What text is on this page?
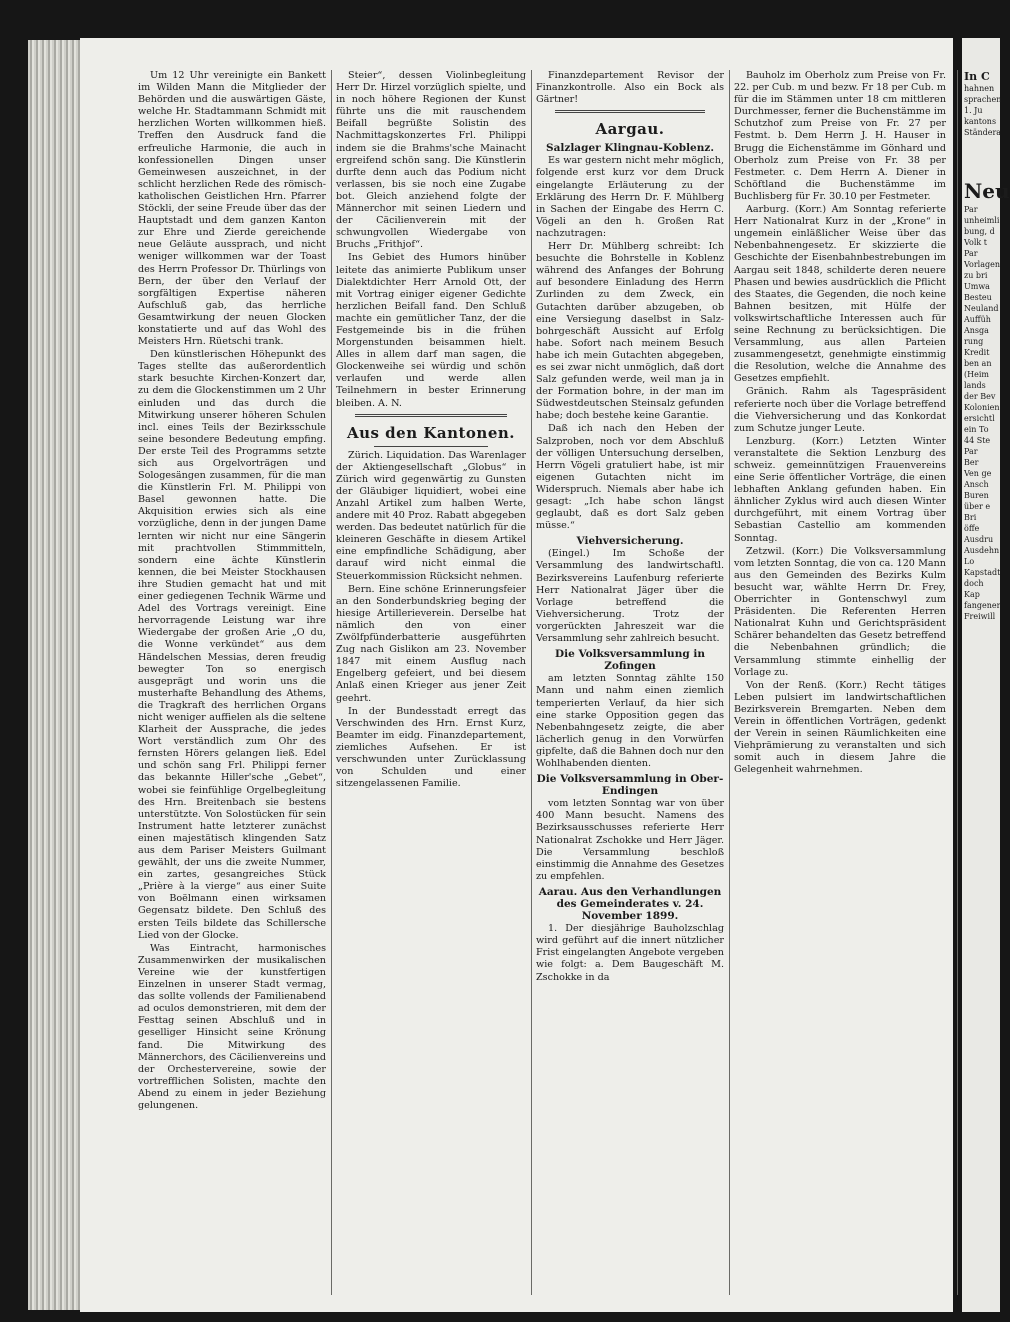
Um 12 Uhr vereinigte ein Bankett im Wilden Mann die Mitglieder der Behörden und die auswärtigen Gäste, welche Hr. Stadtammann Schmidt mit herzlichen Worten willkommen hieß. Treffen den Ausdruck fand die erfreuliche Harmonie, die auch in konfessionellen Dingen unser Gemeinwesen auszeichnet, in der schlicht herzlichen Rede des römisch-katholischen Geistlichen Hrn. Pfarrer Stöckli, der seine Freude über das der Hauptstadt und dem ganzen Kanton zur Ehre und Zierde gereichende neue Geläute aussprach, und nicht weniger willkommen war der Toast des Herrn Professor Dr. Thürlings von Bern, der über den Verlauf der sorgfältigen Expertise näheren Aufschluß gab, das herrliche Gesamtwirkung der neuen Glocken konstatierte und auf das Wohl des Meisters Hrn. Rüetschi trank.

Den künstlerischen Höhepunkt des Tages stellte das außerordentlich stark besuchte Kirchen-Konzert dar, zu dem die Glockenstimmen um 2 Uhr einluden und das durch die Mitwirkung unserer höheren Schulen incl. eines Teils der Bezirksschule seine besondere Bedeutung empfing. Der erste Teil des Programms setzte sich aus Orgelvorträgen und Sologesängen zusammen, für die man die Künstlerin Frl. M. Philippi von Basel gewonnen hatte. Die Akquisition erwies sich als eine vorzügliche, denn in der jungen Dame lernten wir nicht nur eine Sängerin mit prachtvollen Stimmmitteln, sondern eine ächte Künstlerin kennen, die bei Meister Stockhausen ihre Studien gemacht hat und mit einer gediegenen Technik Wärme und Adel des Vortrags vereinigt. Eine hervorragende Leistung war ihre Wiedergabe der großen Arie „O du, die Wonne verkündet“ aus dem Händelschen Messias, deren freudig bewegter Ton so energisch ausgeprägt und worin uns die musterhafte Behandlung des Athems, die Tragkraft des herrlichen Organs nicht weniger auffielen als die seltene Klarheit der Aussprache, die jedes Wort verständlich zum Ohr des fernsten Hörers gelangen ließ. Edel und schön sang Frl. Philippi ferner das bekannte Hiller'sche „Gebet“, wobei sie feinfühlige Orgelbegleitung des Hrn. Breitenbach sie bestens unterstützte. Von Solostücken für sein Instrument hatte letzterer zunächst einen majestätisch klingenden Satz aus dem Pariser Meisters Guilmant gewählt, der uns die zweite Nummer, ein zartes, gesangreiches Stück „Prière à la vierge“ aus einer Suite von Boëlmann einen wirksamen Gegensatz bildete. Den Schluß des ersten Teils bildete das Schillersche Lied von der Glocke.

Was Eintracht, harmonisches Zusammenwirken der musikalischen Vereine wie der kunstfertigen Einzelnen in unserer Stadt vermag, das sollte vollends der Familienabend ad oculos demonstrieren, mit dem der Festtag seinen Abschluß und in geselliger Hinsicht seine Krönung fand. Die Mitwirkung des Männerchors, des Cäcilienvereins und der Orchestervereine, sowie der vortrefflichen Solisten, machte den Abend zu einem in jeder Beziehung gelungenen.

Steier“, dessen Violinbegleitung Herr Dr. Hirzel vorzüglich spielte, und in noch höhere Regionen der Kunst führte uns die mit rauschendem Beifall begrüßte Solistin des Nachmittagskonzertes Frl. Philippi indem sie die Brahms'sche Mainacht ergreifend schön sang. Die Künstlerin durfte denn auch das Podium nicht verlassen, bis sie noch eine Zugabe bot. Gleich anziehend folgte der Männerchor mit seinen Liedern und der Cäcilienverein mit der schwungvollen Wiedergabe von Bruchs „Frithjof“.

Ins Gebiet des Humors hinüber leitete das animierte Publikum unser Dialektdichter Herr Arnold Ott, der mit Vortrag einiger eigener Gedichte herzlichen Beifall fand. Den Schluß machte ein gemütlicher Tanz, der die Festgemeinde bis in die frühen Morgenstunden beisammen hielt. Alles in allem darf man sagen, die Glockenweihe sei würdig und schön verlaufen und werde allen Teilnehmern in bester Erinnerung bleiben. A. N.

Aus den Kantonen.

Zürich. Liquidation. Das Warenlager der Aktiengesellschaft „Globus“ in Zürich wird gegenwärtig zu Gunsten der Gläubiger liquidiert, wobei eine Anzahl Artikel zum halben Werte, andere mit 40 Proz. Rabatt abgegeben werden. Das bedeutet natürlich für die kleineren Geschäfte in diesem Artikel eine empfindliche Schädigung, aber darauf wird nicht einmal die Steuerkommission Rücksicht nehmen.

Bern. Eine schöne Erinnerungsfeier an den Sonderbundskrieg beging der hiesige Artillerieverein. Derselbe hat nämlich den von einer Zwölfpfünderbatterie ausgeführten Zug nach Gislikon am 23. November 1847 mit einem Ausflug nach Engelberg gefeiert, und bei diesem Anlaß einen Krieger aus jener Zeit geehrt.

In der Bundesstadt erregt das Verschwinden des Hrn. Ernst Kurz, Beamter im eidg. Finanzdepartement, ziemliches Aufsehen. Er ist verschwunden unter Zurücklassung von Schulden und einer sitzengelassenen Familie.

Finanzdepartement Revisor der Finanzkontrolle. Also ein Bock als Gärtner!

Aargau.
Salzlager Klingnau-Koblenz.

Es war gestern nicht mehr möglich, folgende erst kurz vor dem Druck eingelangte Erläuterung zu der Erklärung des Herrn Dr. F. Mühlberg in Sachen der Eingabe des Herrn C. Vögeli an den h. Großen Rat nachzutragen:

Herr Dr. Mühlberg schreibt: Ich besuchte die Bohrstelle in Koblenz während des Anfanges der Bohrung auf besondere Einladung des Herrn Zurlinden zu dem Zweck, ein Gutachten darüber abzugeben, ob eine Versiegung daselbst in Salz- bohrgeschäft Aussicht auf Erfolg habe. Sofort nach meinem Besuch habe ich mein Gutachten abgegeben, es sei zwar nicht unmöglich, daß dort Salz gefunden werde, weil man ja in der Formation bohre, in der man im Südwestdeutschen Steinsalz gefunden habe; doch bestehe keine Garantie.

Daß ich nach den Heben der Salzproben, noch vor dem Abschluß der völligen Untersuchung derselben, Herrn Vögeli gratuliert habe, ist mir eigenen Gutachten nicht im Widerspruch. Niemals aber habe ich gesagt: „Ich habe schon längst geglaubt, daß es dort Salz geben müsse.“

Viehversicherung.

(Eingel.) Im Schoße der Versammlung des landwirtschaftl. Bezirksvereins Laufenburg referierte Herr Nationalrat Jäger über die Vorlage betreffend die Viehversicherung. Trotz der vorgerückten Jahreszeit war die Versammlung sehr zahlreich besucht.

Die Volksversammlung in Zofingen

am letzten Sonntag zählte 150 Mann und nahm einen ziemlich temperierten Verlauf, da hier sich eine starke Opposition gegen das Nebenbahngesetz zeigte, die aber lächerlich genug in den Vorwürfen gipfelte, daß die Bahnen doch nur den Wohlhabenden dienten.

Die Volksversammlung in Ober-Endingen

vom letzten Sonntag war von über 400 Mann besucht. Namens des Bezirksausschusses referierte Herr Nationalrat Zschokke und Herr Jäger. Die Versammlung beschloß einstimmig die Annahme des Gesetzes zu empfehlen.

Aarau. Aus den Verhandlungen des Gemeinderates v. 24. November 1899.

1. Der diesjährige Bauholzschlag wird geführt auf die innert nützlicher Frist eingelangten Angebote vergeben wie folgt: a. Dem Baugeschäft M. Zschokke in da

Bauholz im Oberholz zum Preise von Fr. 22. per Cub. m und bezw. Fr 18 per Cub. m für die im Stämmen unter 18 cm mittleren Durchmesser, ferner die Buchenstämme im Schutzhof zum Preise von Fr. 27 per Festmt. b. Dem Herrn J. H. Hauser in Brugg die Eichenstämme im Gönhard und Oberholz zum Preise von Fr. 38 per Festmeter. c. Dem Herrn A. Diener in Schöftland die Buchenstämme im Buchlisberg für Fr. 30.10 per Festmeter.

Aarburg. (Korr.) Am Sonntag referierte Herr Nationalrat Kurz in der „Krone“ in ungemein einläßlicher Weise über das Nebenbahnengesetz. Er skizzierte die Geschichte der Eisenbahnbestrebungen im Aargau seit 1848, schilderte deren neuere Phasen und bewies ausdrücklich die Pflicht des Staates, die Gegenden, die noch keine Bahnen besitzen, mit Hülfe der volkswirtschaftliche Interessen auch für seine Rechnung zu berücksichtigen. Die Versammlung, aus allen Parteien zusammengesetzt, genehmigte einstimmig die Resolution, welche die Annahme des Gesetzes empfiehlt.

Gränich. Rahm als Tagespräsident referierte noch über die Vorlage betreffend die Viehversicherung und das Konkordat zum Schutze junger Leute.

Lenzburg. (Korr.) Letzten Winter veranstaltete die Sektion Lenzburg des schweiz. gemeinnützigen Frauenvereins eine Serie öffentlicher Vorträge, die einen lebhaften Anklang gefunden haben. Ein ähnlicher Zyklus wird auch diesen Winter durchgeführt, mit einem Vortrag über Sebastian Castellio am kommenden Sonntag.

Zetzwil. (Korr.) Die Volksversammlung vom letzten Sonntag, die von ca. 120 Mann aus den Gemeinden des Bezirks Kulm besucht war, wählte Herrn Dr. Frey, Oberrichter in Gontenschwyl zum Präsidenten. Die Referenten Herren Nationalrat Kuhn und Gerichtspräsident Schärer behandelten das Gesetz betreffend die Nebenbahnen gründlich; die Versammlung stimmte einhellig der Vorlage zu.

Von der Renß. (Korr.) Recht tätiges Leben pulsiert im landwirtschaftlichen Bezirksverein Bremgarten. Neben dem Verein in öffentlichen Vorträgen, gedenkt der Verein in seinen Räumlichkeiten eine Viehprämierung zu veranstalten und sich somit auch in diesem Jahre die Gelegenheit wahrnehmen.

In C
hahnen
sprachen
1. Ju
kantons
Ständera
Neu
Par
unheimli
bung, d
Volk t
Par
Vorlagen
zu bri
Umwa
Besteu
Neuland
Auffüh
Ansga
rung
Kredit
ben an
(Heim
lands
der Bev
Kolonien
ersichtl
ein To
44 Ste
Par
Ber
Ven ge
Ansch
Buren
über e
Bri
öffe
Ausdru
Ausdehn
Lo
Kapstadt
doch
Kap
fangener
Freiwill
